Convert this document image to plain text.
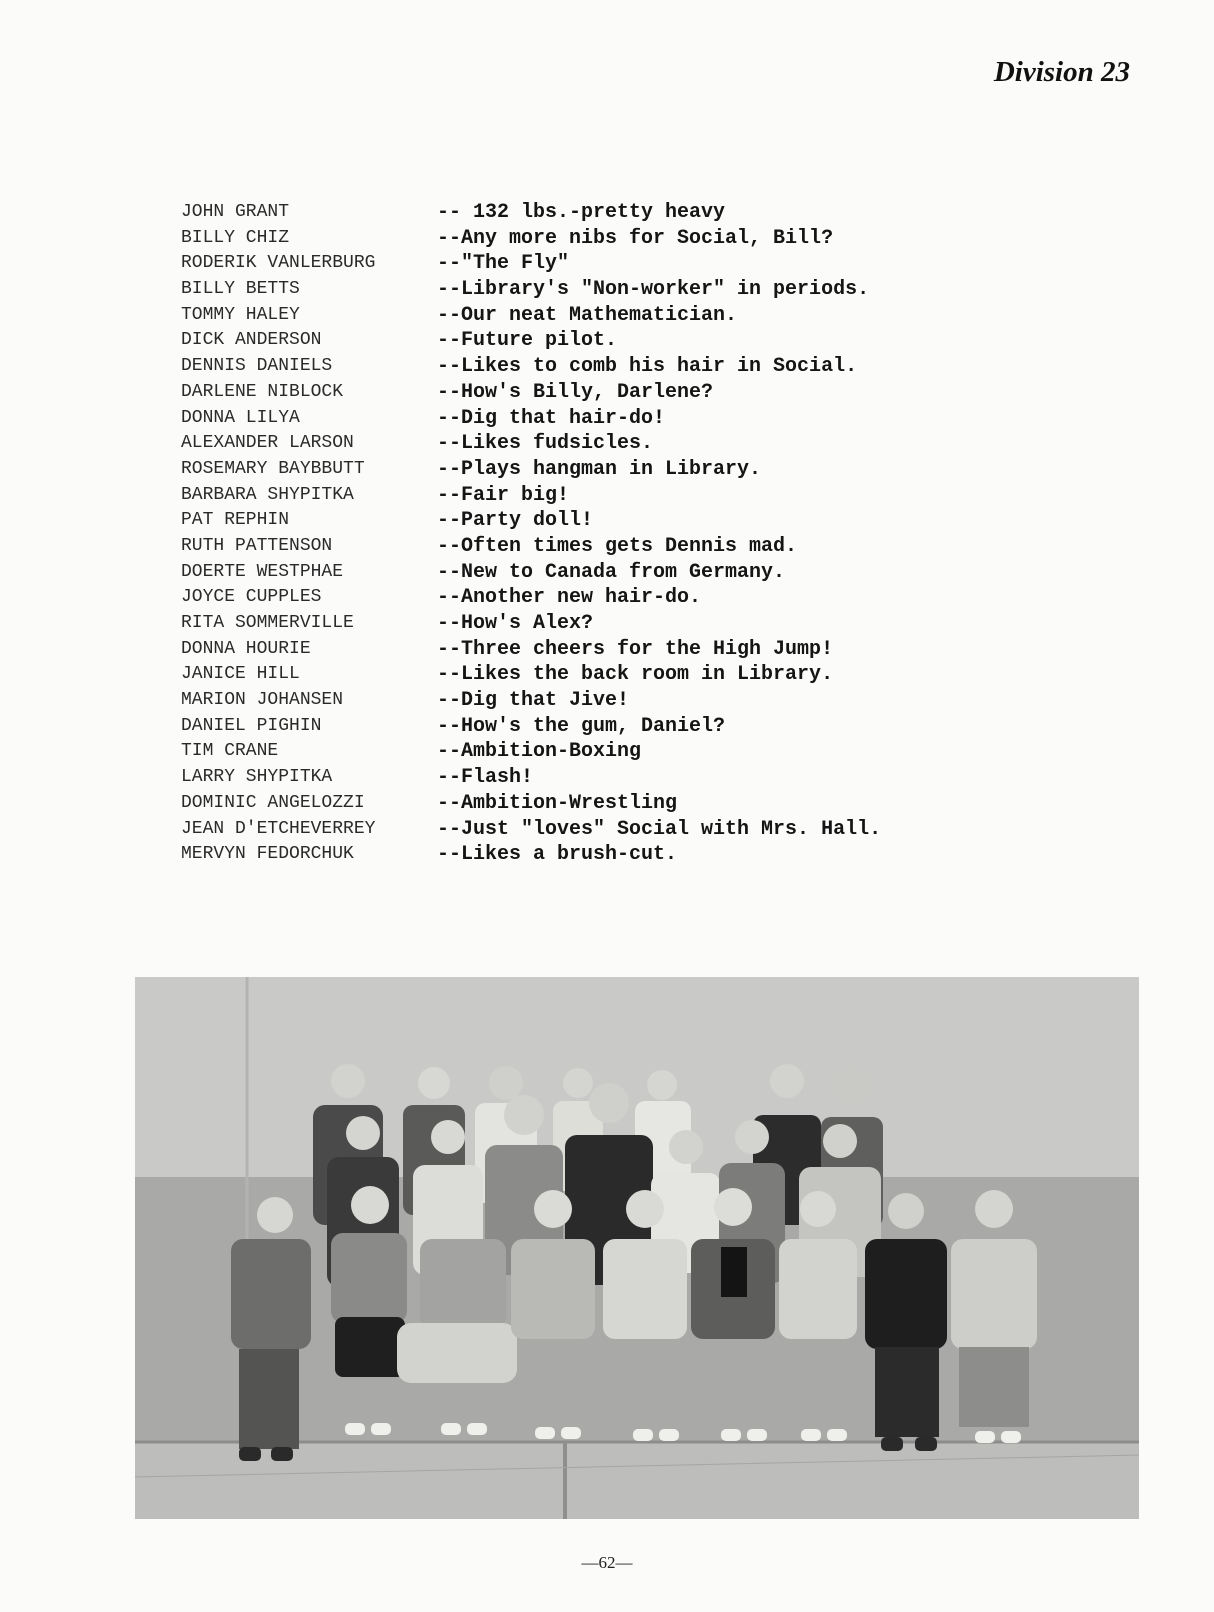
Division 23
JOHN GRANT	-- 132 lbs.-pretty heavy
BILLY CHIZ	--Any more nibs for Social, Bill?
RODERIK VANLERBURG	--"The Fly"
BILLY BETTS	--Library's "Non-worker" in periods.
TOMMY HALEY	--Our neat Mathematician.
DICK ANDERSON	--Future pilot.
DENNIS DANIELS	--Likes to comb his hair in Social.
DARLENE NIBLOCK	--How's Billy, Darlene?
DONNA LILYA	--Dig that hair-do!
ALEXANDER LARSON	--Likes fudsicles.
ROSEMARY BAYBBUTT	--Plays hangman in Library.
BARBARA SHYPITKA	--Fair big!
PAT REPHIN	--Party doll!
RUTH PATTENSON	--Often times gets Dennis mad.
DOERTE WESTPHAE	--New to Canada from Germany.
JOYCE CUPPLES	--Another new hair-do.
RITA SOMMERVILLE	--How's Alex?
DONNA HOURIE	--Three cheers for the High Jump!
JANICE HILL	--Likes the back room in Library.
MARION JOHANSEN	--Dig that Jive!
DANIEL PIGHIN	--How's the gum, Daniel?
TIM CRANE	--Ambition-Boxing
LARRY SHYPITKA	--Flash!
DOMINIC ANGELOZZI	--Ambition-Wrestling
JEAN D'ETCHEVERREY	--Just "loves" Social with Mrs. Hall.
MERVYN FEDORCHUK	--Likes a brush-cut.
—62—
